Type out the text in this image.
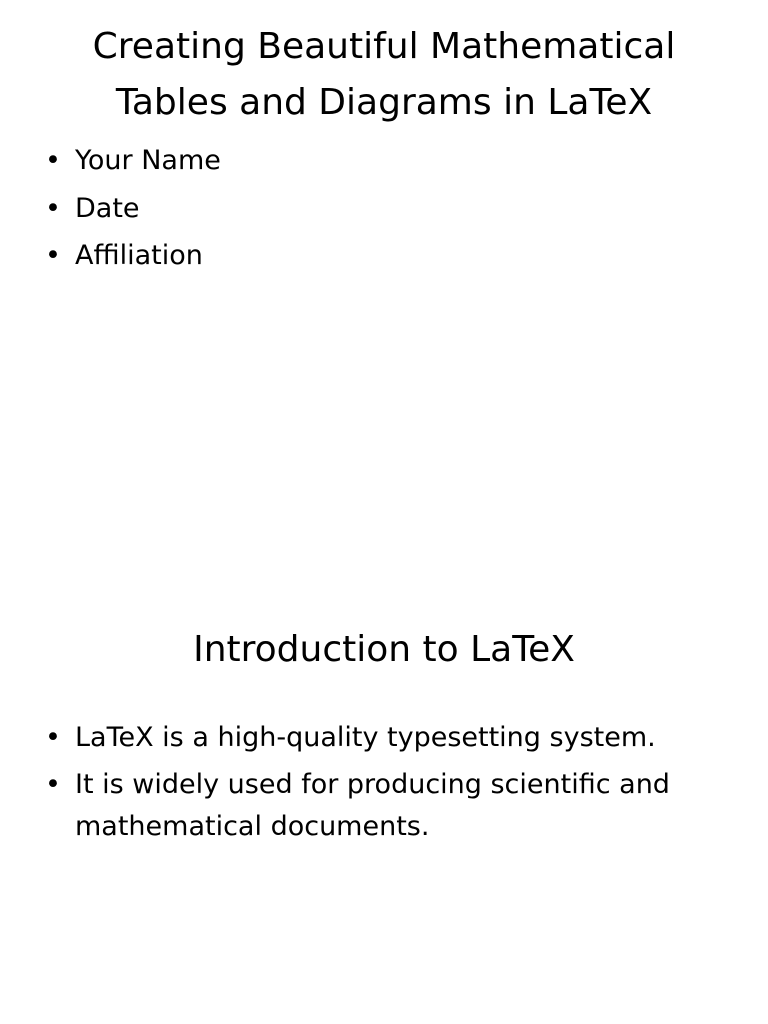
Creating Beautiful Mathematical Tables and Diagrams in LaTeX
• Your Name
• Date
• Affiliation
Introduction to LaTeX
• LaTeX is a high-quality typesetting system.
• It is widely used for producing scientific and mathematical documents.
